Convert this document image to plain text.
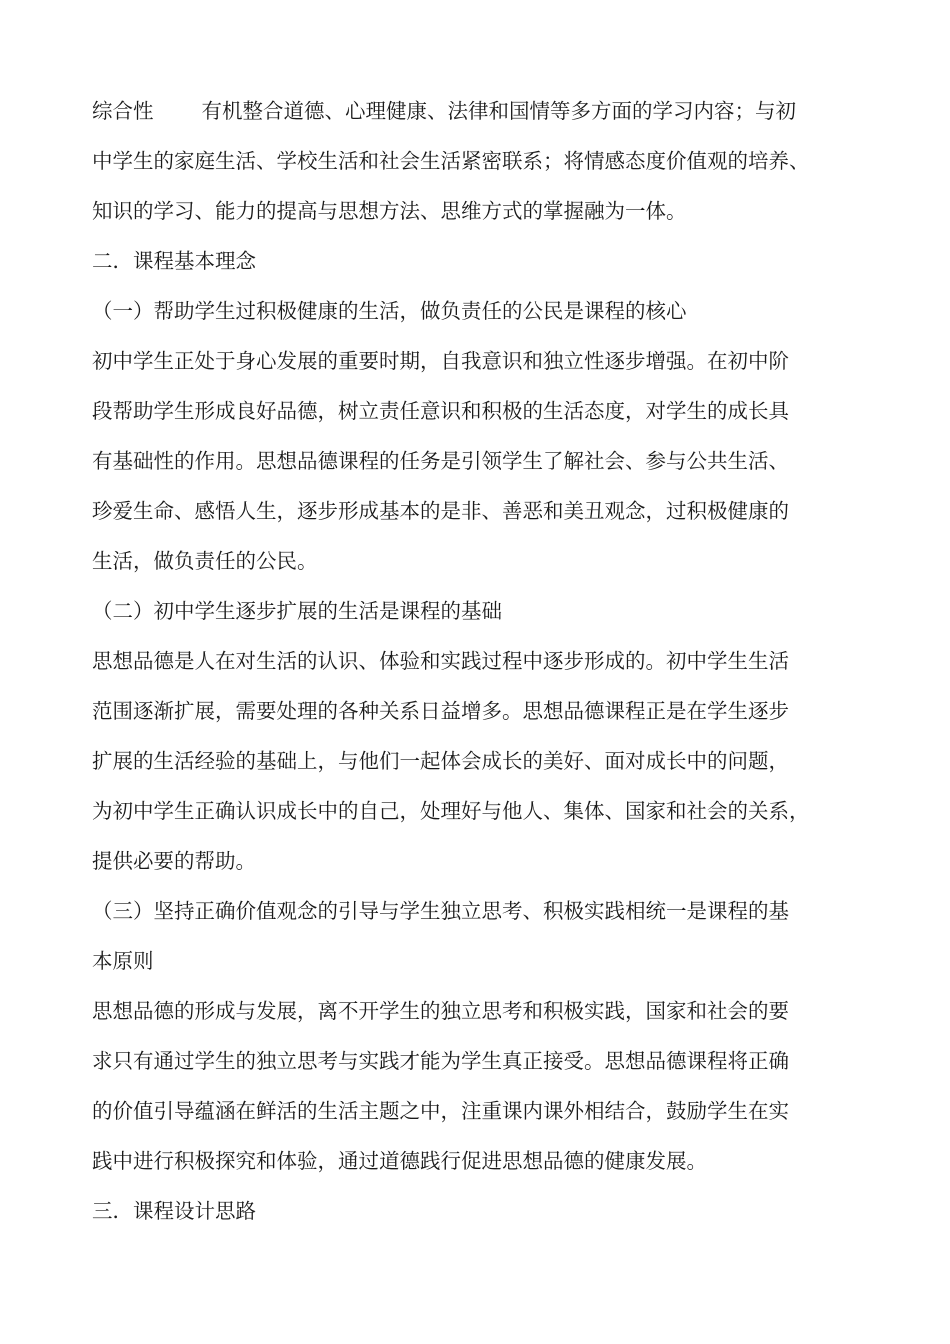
综合性 有机整合道德、心理健康、法律和国情等多方面的学习内容；与初
中学生的家庭生活、学校生活和社会生活紧密联系；将情感态度价值观的培养、
知识的学习、能力的提高与思想方法、思维方式的掌握融为一体。
二．课程基本理念
（一）帮助学生过积极健康的生活，做负责任的公民是课程的核心
初中学生正处于身心发展的重要时期，自我意识和独立性逐步增强。在初中阶
段帮助学生形成良好品德，树立责任意识和积极的生活态度，对学生的成长具
有基础性的作用。思想品德课程的任务是引领学生了解社会、参与公共生活、
珍爱生命、感悟人生，逐步形成基本的是非、善恶和美丑观念，过积极健康的
生活，做负责任的公民。
（二）初中学生逐步扩展的生活是课程的基础
思想品德是人在对生活的认识、体验和实践过程中逐步形成的。初中学生生活
范围逐渐扩展，需要处理的各种关系日益增多。思想品德课程正是在学生逐步
扩展的生活经验的基础上，与他们一起体会成长的美好、面对成长中的问题，
为初中学生正确认识成长中的自己，处理好与他人、集体、国家和社会的关系，
提供必要的帮助。
（三）坚持正确价值观念的引导与学生独立思考、积极实践相统一是课程的基
本原则
思想品德的形成与发展，离不开学生的独立思考和积极实践，国家和社会的要
求只有通过学生的独立思考与实践才能为学生真正接受。思想品德课程将正确
的价值引导蕴涵在鲜活的生活主题之中，注重课内课外相结合，鼓励学生在实
践中进行积极探究和体验，通过道德践行促进思想品德的健康发展。
三．课程设计思路
